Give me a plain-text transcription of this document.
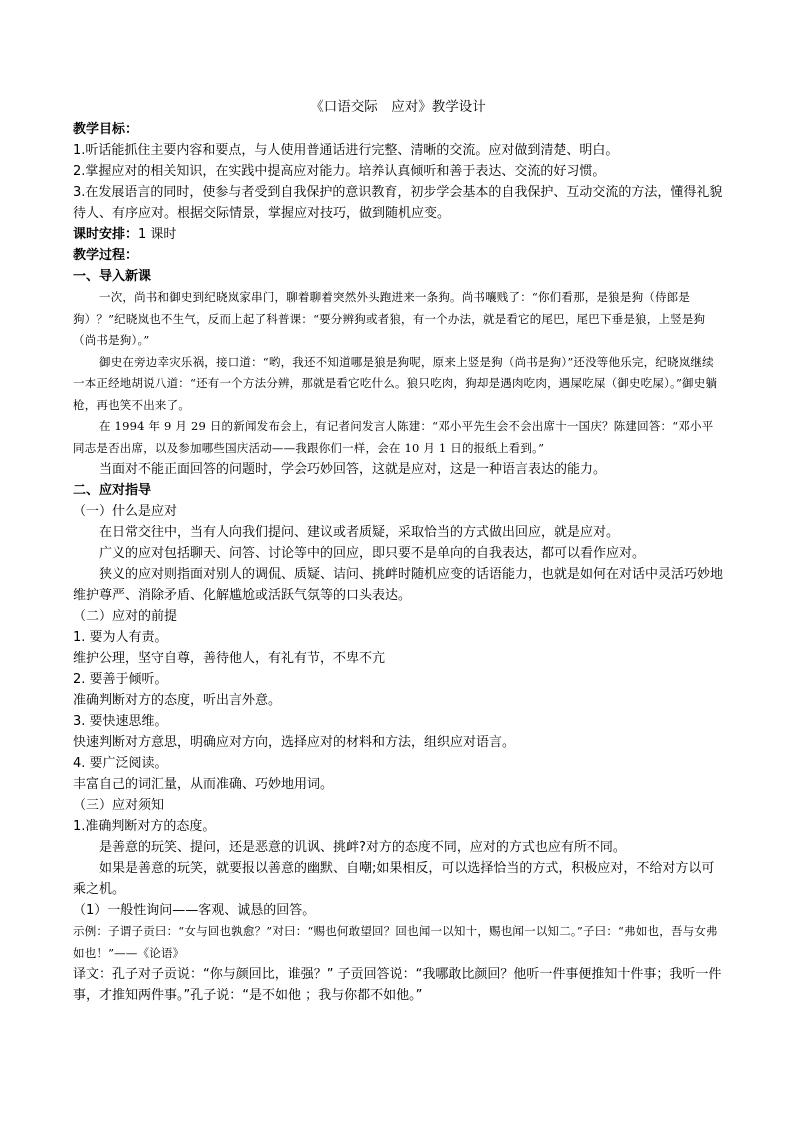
《口语交际　应对》教学设计

教学目标：

1.听话能抓住主要内容和要点，与人使用普通话进行完整、清晰的交流。应对做到清楚、明白。

2.掌握应对的相关知识，在实践中提高应对能力。培养认真倾听和善于表达、交流的好习惯。

3.在发展语言的同时，使参与者受到自我保护的意识教育，初步学会基本的自我保护、互动交流的方法，懂得礼貌待人、有序应对。根据交际情景，掌握应对技巧，做到随机应变。

课时安排：1 课时

教学过程：

一、导入新课

一次，尚书和御史到纪晓岚家串门，聊着聊着突然外头跑进来一条狗。尚书嚷贱了：“你们看那，是狼是狗（侍郎是狗）？”纪晓岚也不生气，反而上起了科普课：“要分辨狗或者狼，有一个办法，就是看它的尾巴，尾巴下垂是狼，上竖是狗（尚书是狗）。”

御史在旁边幸灾乐祸，接口道：“哟，我还不知道哪是狼是狗呢，原来上竖是狗（尚书是狗）”还没等他乐完，纪晓岚继续一本正经地胡说八道：“还有一个方法分辨，那就是看它吃什么。狼只吃肉，狗却是遇肉吃肉，遇屎吃屎（御史吃屎）。”御史躺枪，再也笑不出来了。

在 1994 年 9 月 29 日的新闻发布会上，有记者问发言人陈建：“邓小平先生会不会出席十一国庆？陈建回答：“邓小平同志是否出席，以及参加哪些国庆活动——我跟你们一样，会在 10 月 1 日的报纸上看到。”

当面对不能正面回答的问题时，学会巧妙回答，这就是应对，这是一种语言表达的能力。

二、应对指导

（一）什么是应对

在日常交往中，当有人向我们提问、建议或者质疑，采取恰当的方式做出回应，就是应对。

广义的应对包括聊天、问答、讨论等中的回应，即只要不是单向的自我表达，都可以看作应对。

狭义的应对则指面对别人的调侃、质疑、诘问、挑衅时随机应变的话语能力，也就是如何在对话中灵活巧妙地维护尊严、消除矛盾、化解尴尬或活跃气氛等的口头表达。

（二）应对的前提

1. 要为人有责。

维护公理，坚守自尊，善待他人，有礼有节，不卑不亢

2. 要善于倾听。

准确判断对方的态度，听出言外意。

3. 要快速思维。

快速判断对方意思，明确应对方向，选择应对的材料和方法，组织应对语言。

4. 要广泛阅读。

丰富自己的词汇量，从而准确、巧妙地用词。

（三）应对须知

1.准确判断对方的态度。

是善意的玩笑、提问，还是恶意的讥讽、挑衅?对方的态度不同，应对的方式也应有所不同。

如果是善意的玩笑，就要报以善意的幽默、自嘲;如果相反，可以选择恰当的方式，积极应对，不给对方以可乘之机。

（1）一般性询问——客观、诚恳的回答。

示例：子谓子贡曰：“女与回也孰愈？”对曰：“赐也何敢望回？回也闻一以知十，赐也闻一以知二。”子曰：“弗如也，吾与女弗如也！”——《论语》

译文：孔子对子贡说：“你与颜回比，谁强？” 子贡回答说：“我哪敢比颜回？他听一件事便推知十件事；我听一件事，才推知两件事。”孔子说：“是不如他 ；我与你都不如他。”
